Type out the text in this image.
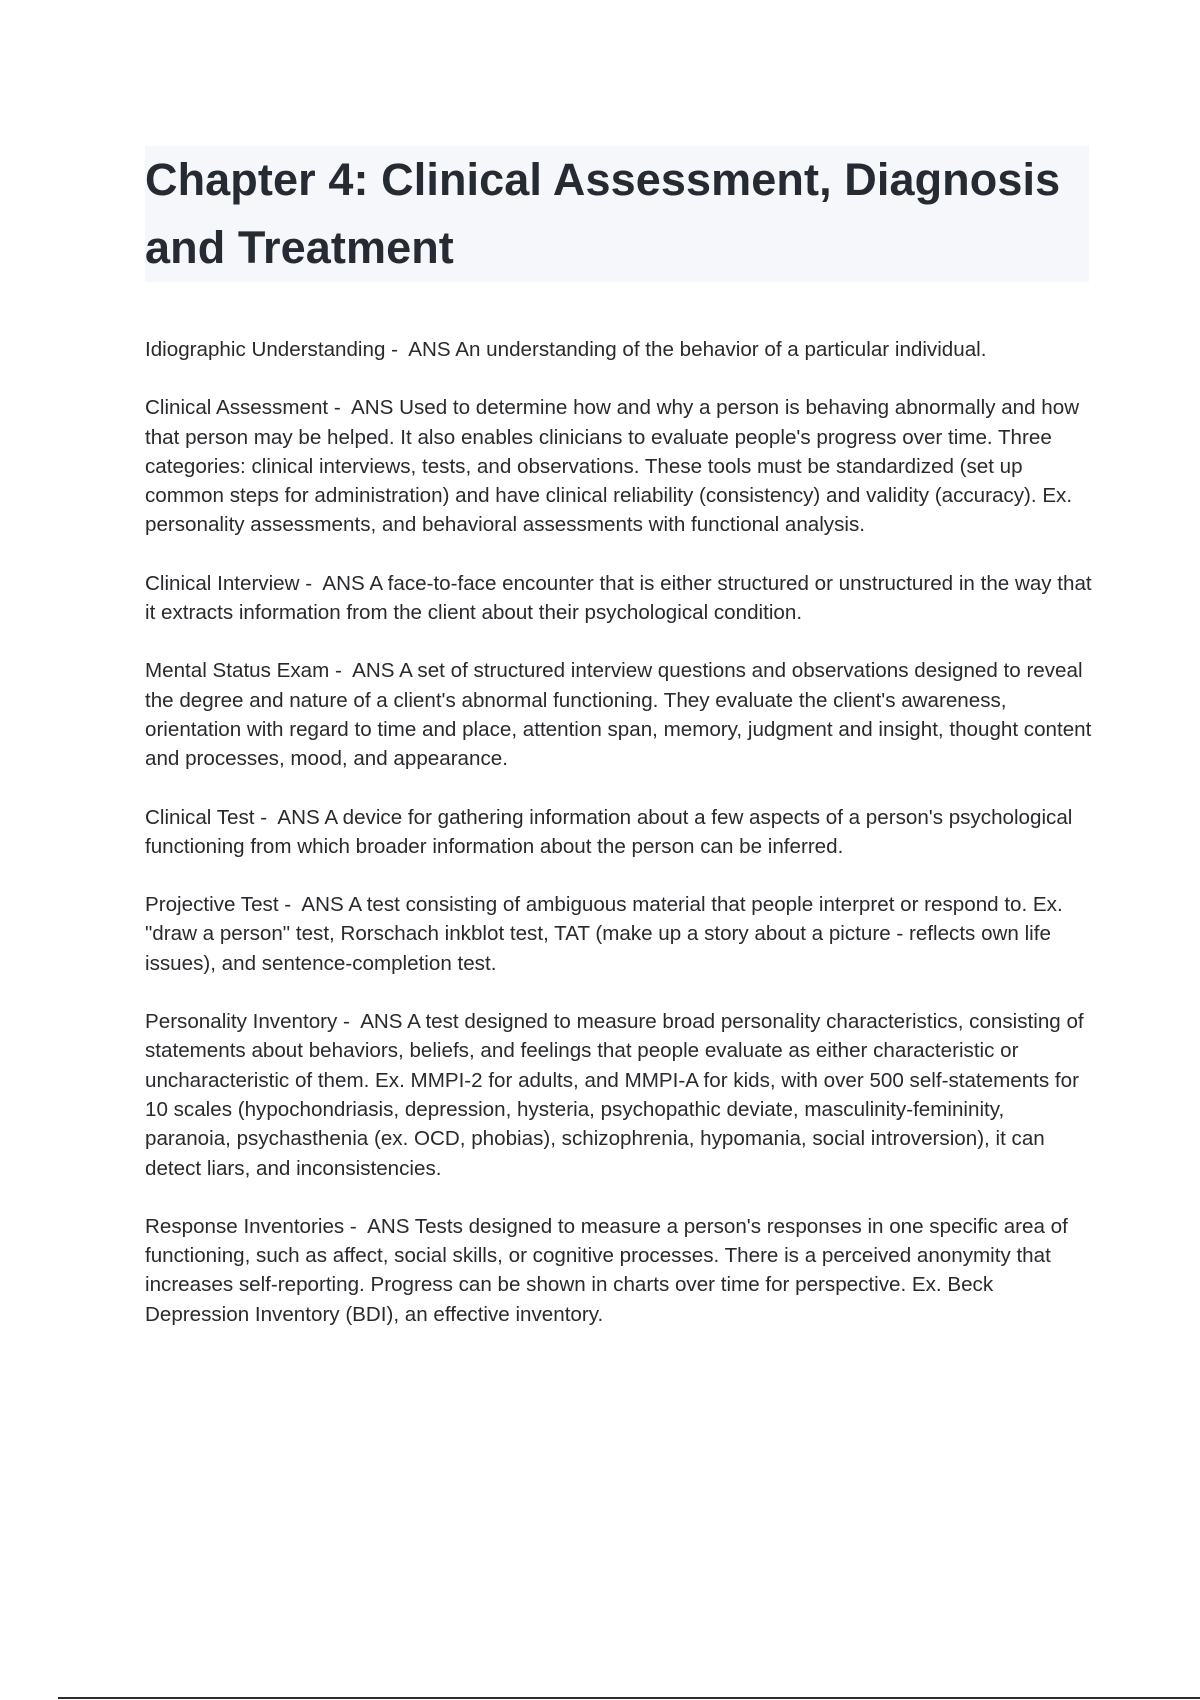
Chapter 4: Clinical Assessment, Diagnosis and Treatment

Idiographic Understanding -  ANS An understanding of the behavior of a particular individual.

Clinical Assessment -  ANS Used to determine how and why a person is behaving abnormally and how that person may be helped. It also enables clinicians to evaluate people's progress over time. Three categories: clinical interviews, tests, and observations. These tools must be standardized (set up common steps for administration) and have clinical reliability (consistency) and validity (accuracy). Ex. personality assessments, and behavioral assessments with functional analysis.

Clinical Interview -  ANS A face-to-face encounter that is either structured or unstructured in the way that it extracts information from the client about their psychological condition.

Mental Status Exam -  ANS A set of structured interview questions and observations designed to reveal the degree and nature of a client's abnormal functioning. They evaluate the client's awareness, orientation with regard to time and place, attention span, memory, judgment and insight, thought content and processes, mood, and appearance.

Clinical Test -  ANS A device for gathering information about a few aspects of a person's psychological functioning from which broader information about the person can be inferred.

Projective Test -  ANS A test consisting of ambiguous material that people interpret or respond to. Ex. "draw a person" test, Rorschach inkblot test, TAT (make up a story about a picture - reflects own life issues), and sentence-completion test.

Personality Inventory -  ANS A test designed to measure broad personality characteristics, consisting of statements about behaviors, beliefs, and feelings that people evaluate as either characteristic or uncharacteristic of them. Ex. MMPI-2 for adults, and MMPI-A for kids, with over 500 self-statements for 10 scales (hypochondriasis, depression, hysteria, psychopathic deviate, masculinity-femininity, paranoia, psychasthenia (ex. OCD, phobias), schizophrenia, hypomania, social introversion), it can detect liars, and inconsistencies.

Response Inventories -  ANS Tests designed to measure a person's responses in one specific area of functioning, such as affect, social skills, or cognitive processes. There is a perceived anonymity that increases self-reporting. Progress can be shown in charts over time for perspective. Ex. Beck Depression Inventory (BDI), an effective inventory.
